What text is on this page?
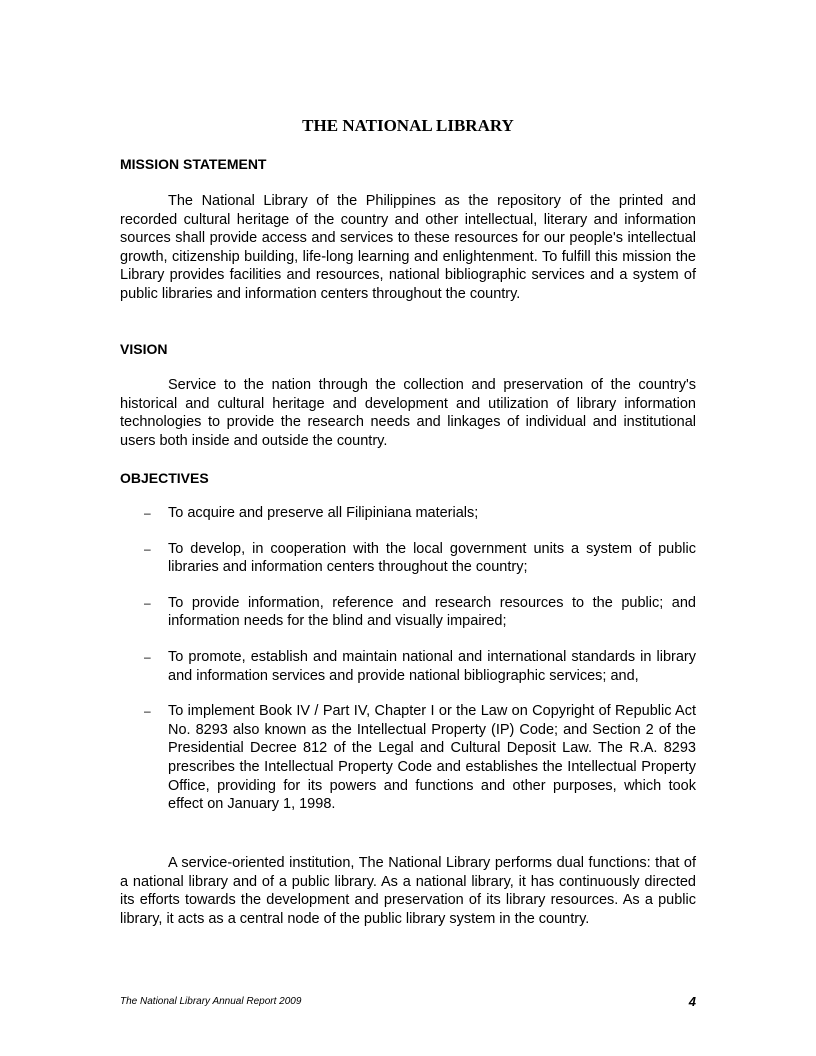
THE NATIONAL LIBRARY
MISSION STATEMENT

The National Library of the Philippines as the repository of the printed and recorded cultural heritage of the country and other intellectual, literary and information sources shall provide access and services to these resources for our people's intellectual growth, citizenship building, life-long learning and enlightenment. To fulfill this mission the Library provides facilities and resources, national bibliographic services and a system of public libraries and information centers throughout the country.

VISION

Service to the nation through the collection and preservation of the country's historical and cultural heritage and development and utilization of library information technologies to provide the research needs and linkages of individual and institutional users both inside and outside the country.

OBJECTIVES
– To acquire and preserve all Filipiniana materials;
– To develop, in cooperation with the local government units a system of public libraries and information centers throughout the country;
– To provide information, reference and research resources to the public; and information needs for the blind and visually impaired;
– To promote, establish and maintain national and international standards in library and information services and provide national bibliographic services; and,
– To implement Book IV / Part IV, Chapter I or the Law on Copyright of Republic Act No. 8293 also known as the Intellectual Property (IP) Code; and Section 2 of the Presidential Decree 812 of the Legal and Cultural Deposit Law. The R.A. 8293 prescribes the Intellectual Property Code and establishes the Intellectual Property Office, providing for its powers and functions and other purposes, which took effect on January 1, 1998.

A service-oriented institution, The National Library performs dual functions: that of a national library and of a public library. As a national library, it has continuously directed its efforts towards the development and preservation of its library resources. As a public library, it acts as a central node of the public library system in the country.

The National Library Annual Report 2009	4
